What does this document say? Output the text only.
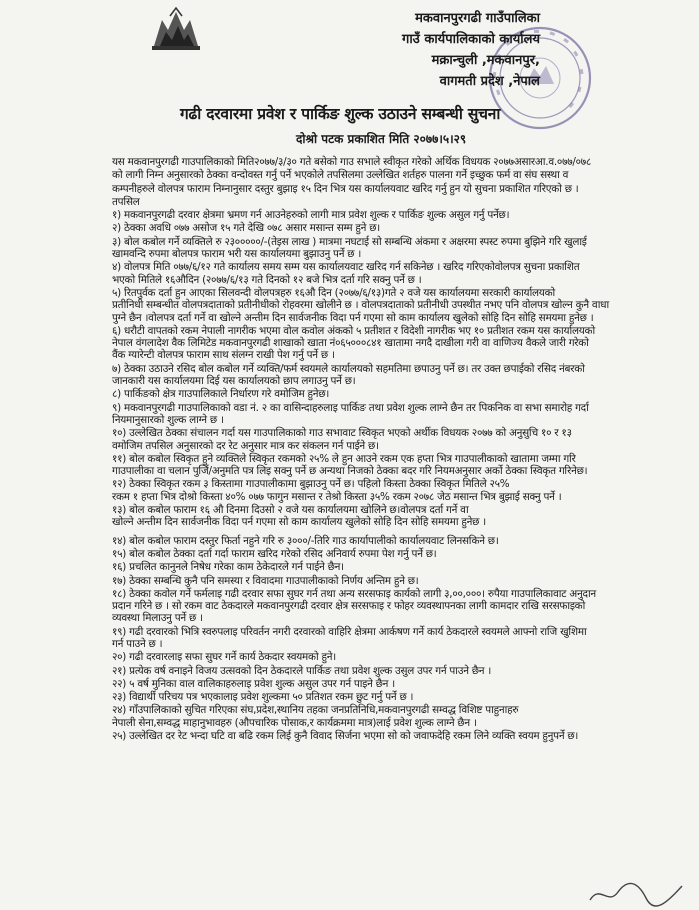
मकवानपुरगढी गाउँपालिका
गाउँ कार्यपालिकाको कार्यालय
मक्रान्चुली ,मकवानपुर,
वागमती प्रदेश ,नेपाल
गढी दरवारमा प्रवेश र पार्किङ शुल्क उठाउने सम्बन्धी सुचना
दोश्रो पटक प्रकाशित मिति २०७७।५।२९
यस मकवानपुरगढी गाउपालिकाको मिति२०७७/३/३० गते बसेको गाउ सभाले स्वीकृत गरेको अर्थिक विधयक २०७७असारआ.व.०७७/०७८
को लागी निम्न अनुसारको ठेक्का वन्दोवस्त गर्नु पर्ने भएकोले तपसिलमा उल्लेखित शर्तहरु पालना गर्ने इच्छुक फर्म वा संघ सस्था व
कम्पनीहरुले वोलपत्र फाराम निम्नानुसार दस्तुर बुझाइ १५ दिन भित्र यस कार्यालयवाट खरिद गर्नु हुन यो सुचना प्रकाशित गरिएको छ ।
तपसिल
१) मकवानपुरगढी दरवार क्षेत्रमा भ्रमण गर्न आउनेहरुको लागी मात्र प्रवेश शुल्क र पार्किङ शुल्क असुल गर्नु पर्नेछ।
२) ठेक्का अवधि ०७७ असोज १५ गते देखि ०७८ असार मसान्त सम्म हुने छ।
३) बोल कबोल गर्ने व्यक्तिले रु २३०००००/-(तेइस लाख ) मात्रमा नघटाई सो सम्बन्धि अंकमा र अक्षरमा स्पस्ट रुपमा बुझिने गरि खुलाई
खामवन्दि रुपमा बोलपत्र फाराम भरी यस कार्यालयमा बुझाउनु पर्ने छ ।
४) वोलपत्र मिति ०७७/६/१२ गते कार्यालय समय सम्म यस कार्यालयवाट खरिद गर्न सकिनेछ । खरिद गरिएकोवोलपत्र सुचना प्रकाशित
भएको मितिले १६औदिन (२०७७/६/१३ गते दिनको १२ बजे भित्र दर्ता गरि सक्नु पर्ने छ ।
५) रितपुर्वक दर्ता हुन आएका सिलवन्दी वोलपत्रहरु १६औ दिन (२०७७/६/१३)गते २ वजे यस कार्यालयमा सरकारी कार्यालयको
प्रतीनिधी सम्बन्धीत वोलपत्रदाताको प्रतीनीधीको रोहवरमा खोलीने छ । वोलपत्रदाताको प्रतीनीधी उपस्थीत नभए पनि वोलपत्र खोल्न कुनै वाधा
पुग्ने छैन ।वोलपत्र दर्ता गर्ने वा खोल्ने अन्तीम दिन सार्वजनीक विदा पर्न गएमा सो काम कार्यालय खुलेको सोहि दिन सोहि समयमा हुनेछ ।
६) धरौटी वापतको रकम नेपाली नागरीक भएमा वोल कवोल अंकको ५ प्रतीशत र विदेशी नागरीक भए १० प्रतीशत रकम यस कार्यालयको
नेपाल वंगलादेश वैक लिमिटेड मकवानपुरगढी शाखाको खाता नं०६५०००८४१ खातामा नगदै दाखीला गरी वा वाणिज्य वैकले जारी गरेको
वैंक ग्यारेन्टी वोलपत्र फाराम साथ संलग्न राखी पेश गर्नु पर्ने छ ।
७) ठेक्का उठाउने रसिद बोल कबोल गर्ने व्यक्ति/फर्म स्वयमले कार्यालयको सहमतिमा छपाउनु पर्ने छ। तर उक्त छपाईको रसिद नंबरको
जानकारी यस कार्यालयमा दिई यस कार्यालयको छाप लगाउनु पर्ने छ।
८) पार्किङको क्षेत्र गाउपालिकाले निर्धारण गरे वमोजिम हुनेछ।
९) मकवानपुरगढी गाउपालिकाको वडा नं. २ का वासिन्दाहरुलाइ पार्किङ तथा प्रवेश शुल्क लाग्ने छैन तर पिकनिक वा सभा समारोह गर्दा
नियमानुसारको शुल्क लाग्ने छ ।
१०) उल्लेखित ठेक्का संचालन गर्दा यस गाउपालिकाको गाउ सभावाट स्विकृत भएको अर्थीक विधयक २०७७ को अनुसुचि १० र १३
वमोजिम तपसिल अनुसारको दर रेट अनुसार मात्र कर संकलन गर्न पाईने छ।
११) बोल कबोल स्विकृत हुने व्यक्तिले स्विकृत रकमको २५% ले हुन आउने रकम एक हप्ता भित्र गाउपालीकाको खातामा जम्मा गरि
गाउपालीका वा चलान पुर्जि/अनुमति पत्र लिइ सक्नु पर्ने छ अन्यथा निजको ठेक्का बदर गरि नियमअनुसार अर्को ठेक्का स्विकृत गरिनेछ।
१२) ठेक्का स्विकृत रकम ३ किस्तामा गाउपालीकामा बुझाउनु पर्ने छ। पहिलो किस्ता ठेक्का स्विकृत मितिले २५%
रकम १ हप्ता भित्र दोश्रो किस्ता ४०% ०७७ फागुन मसान्त र तेश्रो किस्ता ३५% रकम २०७८ जेठ मसान्त भित्र बुझाई सक्नु पर्ने ।
१३) बोल कबोल फाराम १६ औ दिनमा दिउसो २ वजे यस कार्यालयमा खोलिने छ।वोलपत्र दर्ता गर्ने वा
खोल्ने अन्तीम दिन सार्वजनीक विदा पर्न गएमा सो काम कार्यालय खुलेको सोहि दिन सोहि समयमा हुनेछ ।
१४) बोल कबोल फाराम दस्तुर फिर्ता नहुने गरि रु ३०००/-तिरि गाउ कार्यापालीको कार्यालयवाट लिनसकिने छ।
१५) बोल कबोल ठेक्का दर्ता गर्दा फाराम खरिद गरेको रसिद अनिवार्य रुपमा पेश गर्नु पर्ने छ।
१६) प्रचलित कानुनले निषेध गरेका काम ठेकेदारले गर्न पाईने छैन।
१७) ठेक्का सम्बन्धि कुनै पनि समस्या र विवादमा गाउपालीकाको निर्णय अन्तिम हुने छ।
१८) ठेक्का कवोल गर्ने फर्मलाइ गढी दरवार सफा सुघर गर्न तथा अन्य सरसफाइ कार्यको लागी ३,००,०००। रुपैया गाउपालिकावाट अनुदान
प्रदान गरिने छ । सो रकम वाट ठेकदारले मकवानपुरगढी दरवार क्षेत्र सरसफाइ र फोहर व्यवस्थापनका लागी कामदार राखि सरसफाइको
व्यवस्था मिलाउनु पर्ने छ ।
१९) गढी दरवारको भित्रि स्वरुपलाइ परिवर्तन नगरी दरवारको वाहिरि क्षेत्रमा आर्कषण गर्ने कार्य ठेकदारले स्वयमले आफ्नो राजि खुशिमा
गर्न पाउने छ ।
२०) गढी दरवारलाइ सफा सुघर गर्ने कार्य ठेकदार स्वयमको हुने।
२१) प्रत्येक वर्ष वनाइने विजय उत्सवको दिन ठेकदारले पार्किङ तथा प्रवेश शुल्क उसुल उपर गर्न पाउने छैन ।
२२) ५ वर्ष मुनिका वाल वालिकाहरुलाइ प्रवेश शुल्क असुल उपर गर्न पाइने छैन ।
२३) विद्यार्थी परिचय पत्र भएकालाइ प्रवेश शुल्कमा ५० प्रतिशत रकम छुट गर्नु पर्ने छ ।
२४) गाँउपालिकाको सुचित गरिएका संघ,प्रदेश,स्थानिय तहका जनप्रतिनिधि,मकवानपुरगढी सम्वद्ध विशिष्ट पाहुनाहरु
नेपाली सेना,सम्वद्ध माहानुभावहरु (औपचारिक पोसाक,र कार्यक्रममा मात्र)लाई प्रवेश शुल्क लाग्ने छैन ।
२५) उल्लेखित दर रेट भन्दा घटि वा बढि रकम लिई कुनै विवाद सिर्जना भएमा सो को जवाफदेहि रकम लिने व्यक्ति स्वयम हुनुपर्ने छ।
